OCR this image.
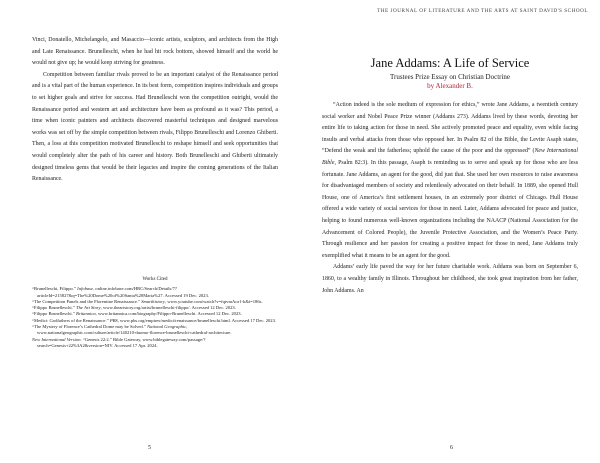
Vinci, Donatello, Michelangelo, and Masaccio—iconic artists, sculptors, and architects from the High and Late Renaissance. Brunelleschi, when he had hit rock bottom, showed himself and the world he would not give up; he would keep striving for greatness.

Competition between familiar rivals proved to be an important catalyst of the Renaissance period and is a vital part of the human experience. In its best form, competition inspires individuals and groups to set higher goals and strive for success. Had Brunelleschi won the competition outright, would the Renaissance period and western art and architecture have been as profound as it was? This period, a time when iconic painters and architects discovered masterful techniques and designed marvelous works was set off by the simple competition between rivals, Filippo Brunelleschi and Lorenzo Ghiberti. Then, a loss at this competition motivated Brunelleschi to reshape himself and seek opportunities that would completely alter the path of his career and history. Both Brunelleschi and Ghiberti ultimately designed timeless gems that would be their legacies and inspire the coming generations of the Italian Renaissance.

Works Cited

“Brunelleschi, Filippo.” Infobase, online.infobase.com/HRC/Search/Details/7?articleId=215827&q=The%20Dome%20of%20Santa%20Maria%27. Accessed 19 Dec. 2023.

“The Competition Panels and the Florentine Renaissance.” Smarthistory, www.youtube.com/watch?v=fqtvmAor1-k&t=186s.

“Filippo Brunelleschi.” The Art Story, www.theartstory.org/artist/brunelleschi-filippo/. Accessed 12 Dec. 2023.

“Filippo Brunelleschi.” Britannica, www.britannica.com/biography/Filippo-Brunelleschi. Accessed 12 Dec. 2023.

“Medici: Godfathers of the Renaissance.” PBS, www.pbs.org/empires/medici/renaissance/brunelleschi.html. Accessed 17 Dec. 2023.

“The Mystery of Florence’s Cathedral Dome may be Solved.” National Geographic, www.nationalgeographic.com/culture/article/140210-duomo-florence-brunelleschi-cathedral-architecture.

New International Version. “Genesis 22:2.” Bible Gateway, www.biblegateway.com/passage/?search=Genesis+22%3A2&version=NIV. Accessed 17 Apr. 2024.

5
THE JOURNAL OF LITERATURE AND THE ARTS AT SAINT DAVID'S SCHOOL
Jane Addams: A Life of Service
Trustees Prize Essay on Christian Doctrine
by Alexander B.

“Action indeed is the sole medium of expression for ethics,” wrote Jane Addams, a twentieth century social worker and Nobel Peace Prize winner (Addams 273). Addams lived by these words, devoting her entire life to taking action for those in need. She actively promoted peace and equality, even while facing insults and verbal attacks from those who opposed her. In Psalm 82 of the Bible, the Levite Asaph states, “Defend the weak and the fatherless; uphold the cause of the poor and the oppressed” (New International Bible, Psalm 82:3). In this passage, Asaph is reminding us to serve and speak up for those who are less fortunate. Jane Addams, an agent for the good, did just that. She used her own resources to raise awareness for disadvantaged members of society and relentlessly advocated on their behalf. In 1889, she opened Hull House, one of America’s first settlement houses, in an extremely poor district of Chicago. Hull House offered a wide variety of social services for those in need. Later, Addams advocated for peace and justice, helping to found numerous well-known organizations including the NAACP (National Association for the Advancement of Colored People), the Juvenile Protective Association, and the Women’s Peace Party. Through resilience and her passion for creating a positive impact for those in need, Jane Addams truly exemplified what it means to be an agent for the good.

Addams’ early life paved the way for her future charitable work. Addams was born on September 6, 1860, to a wealthy family in Illinois. Throughout her childhood, she took great inspiration from her father, John Addams. An

6
